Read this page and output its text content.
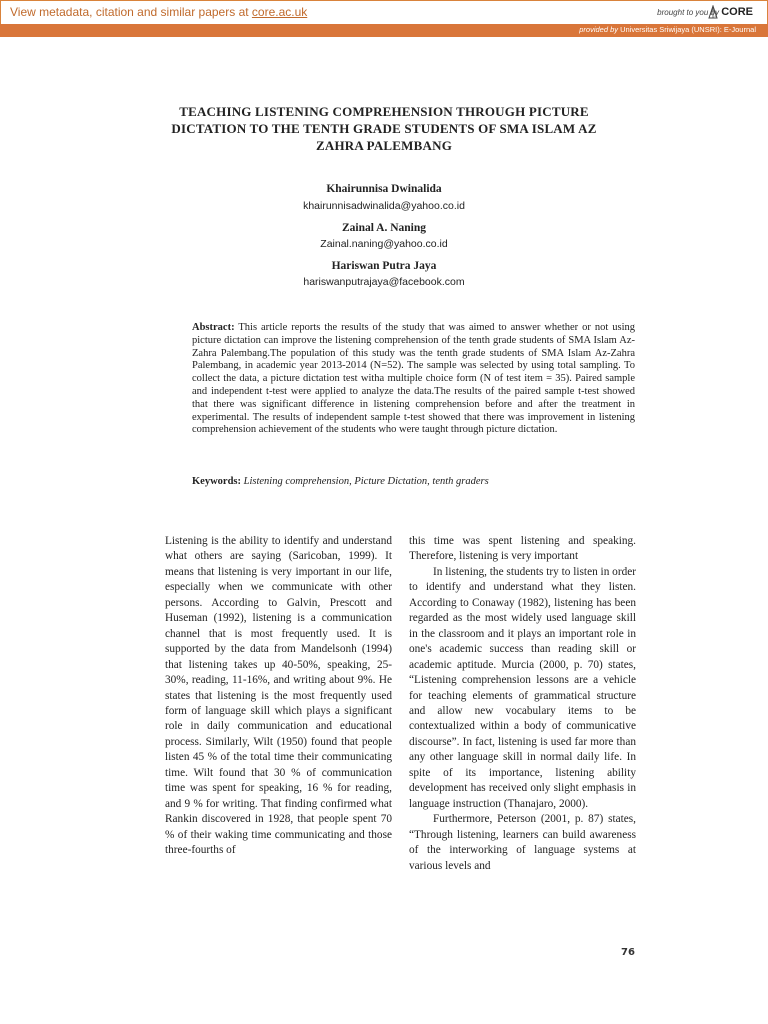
View metadata, citation and similar papers at core.ac.uk	brought to you by CORE
provided by Universitas Sriwijaya (UNSRI): E-Journal
TEACHING LISTENING COMPREHENSION THROUGH PICTURE DICTATION TO THE TENTH GRADE STUDENTS OF SMA ISLAM AZ ZAHRA PALEMBANG
Khairunnisa Dwinalida
khairunnisadwinalida@yahoo.co.id
Zainal A. Naning
Zainal.naning@yahoo.co.id
Hariswan Putra Jaya
hariswanputrajaya@facebook.com
Abstract: This article reports the results of the study that was aimed to answer whether or not using picture dictation can improve the listening comprehension of the tenth grade students of SMA Islam Az-Zahra Palembang.The population of this study was the tenth grade students of SMA Islam Az-Zahra Palembang, in academic year 2013-2014 (N=52). The sample was selected by using total sampling. To collect the data, a picture dictation test witha multiple choice form (N of test item = 35). Paired sample and independent t-test were applied to analyze the data.The results of the paired sample t-test showed that there was significant difference in listening comprehension before and after the treatment in experimental. The results of independent sample t-test showed that there was improvement in listening comprehension achievement of the students who were taught through picture dictation.
Keywords: Listening comprehension, Picture Dictation, tenth graders

Listening is the ability to identify and understand what others are saying (Saricoban, 1999). It means that listening is very important in our life, especially when we communicate with other persons. According to Galvin, Prescott and Huseman (1992), listening is a communication channel that is most frequently used. It is supported by the data from Mandelsonh (1994) that listening takes up 40-50%, speaking, 25-30%, reading, 11-16%, and writing about 9%. He states that listening is the most frequently used form of language skill which plays a significant role in daily communication and educational process. Similarly, Wilt (1950) found that people listen 45 % of the total time their communicating time. Wilt found that 30 % of communication time was spent for speaking, 16 % for reading, and 9 % for writing. That finding confirmed what Rankin discovered in 1928, that people spent 70 % of their waking time communicating and those three-fourths of

this time was spent listening and speaking. Therefore, listening is very important

In listening, the students try to listen in order to identify and understand what they listen. According to Conaway (1982), listening has been regarded as the most widely used language skill in the classroom and it plays an important role in one's academic success than reading skill or academic aptitude. Murcia (2000, p. 70) states, “Listening comprehension lessons are a vehicle for teaching elements of grammatical structure and allow new vocabulary items to be contextualized within a body of communicative discourse”. In fact, listening is used far more than any other language skill in normal daily life. In spite of its importance, listening ability development has received only slight emphasis in language instruction (Thanajaro, 2000).

Furthermore, Peterson (2001, p. 87) states, “Through listening, learners can build awareness of the interworking of language systems at various levels and

76
